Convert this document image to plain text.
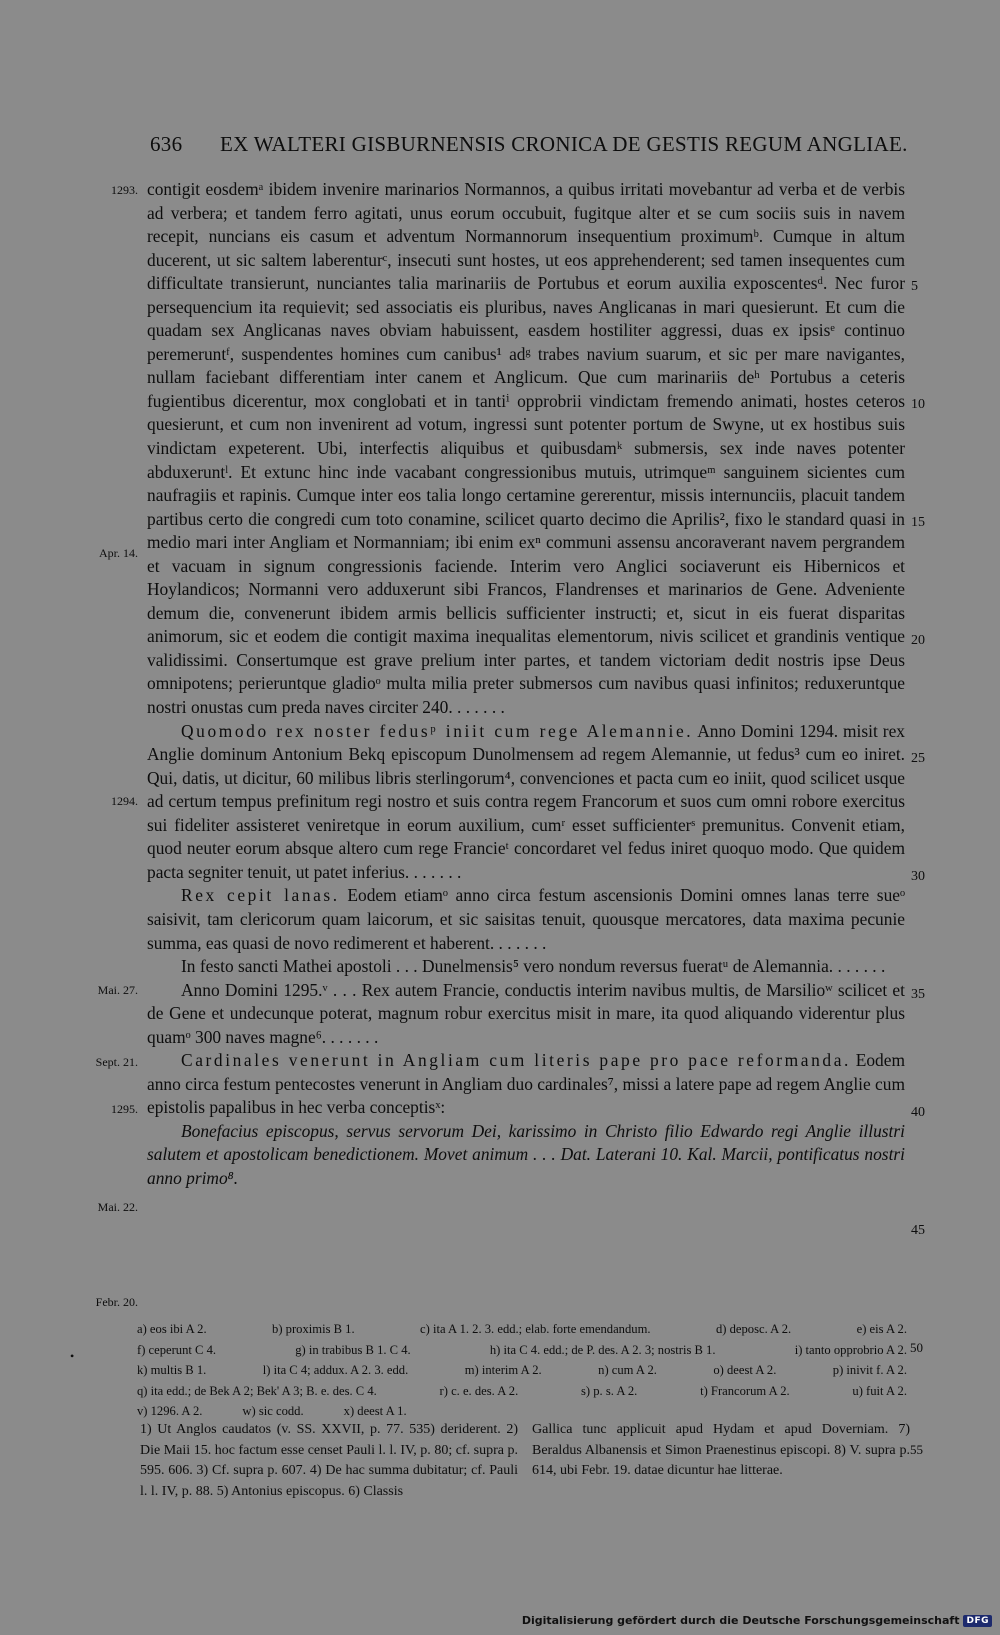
636 EX WALTERI GISBURNENSIS CRONICA DE GESTIS REGUM ANGLIAE.
1293.
Apr. 14.
1294.
Mai. 27.
Sept. 21.
1295.
Mai. 22.
Febr. 20.
5
10
15
20
25
30
35
40
45

contigit eosdemᵃ ibidem invenire marinarios Normannos, a quibus irritati movebantur ad verba et de verbis ad verbera; et tandem ferro agitati, unus eorum occubuit, fugitque alter et se cum sociis suis in navem recepit, nuncians eis casum et adventum Normannorum insequentium proximumᵇ. Cumque in altum ducerent, ut sic saltem laberenturᶜ, insecuti sunt hostes, ut eos apprehenderent; sed tamen insequentes cum difficultate transierunt, nunciantes talia marinariis de Portubus et eorum auxilia exposcentesᵈ. Nec furor persequencium ita requievit; sed associatis eis pluribus, naves Anglicanas in mari quesierunt. Et cum die quadam sex Anglicanas naves obviam habuissent, easdem hostiliter aggressi, duas ex ipsisᵉ continuo peremeruntᶠ, suspendentes homines cum canibus¹ adᵍ trabes navium suarum, et sic per mare navigantes, nullam faciebant differentiam inter canem et Anglicum. Que cum marinariis deʰ Portubus a ceteris fugientibus dicerentur, mox conglobati et in tantiⁱ opprobrii vindictam fremendo animati, hostes ceteros quesierunt, et cum non invenirent ad votum, ingressi sunt potenter portum de Swyne, ut ex hostibus suis vindictam expeterent. Ubi, interfectis aliquibus et quibusdamᵏ submersis, sex inde naves potenter abduxeruntˡ. Et extunc hinc inde vacabant congressionibus mutuis, utrimqueᵐ sanguinem sicientes cum naufragiis et rapinis. Cumque inter eos talia longo certamine gererentur, missis internunciis, placuit tandem partibus certo die congredi cum toto conamine, scilicet quarto decimo die Aprilis², fixo le standard quasi in medio mari inter Angliam et Normanniam; ibi enim exⁿ communi assensu ancoraverant navem pergrandem et vacuam in signum congressionis faciende. Interim vero Anglici sociaverunt eis Hibernicos et Hoylandicos; Normanni vero adduxerunt sibi Francos, Flandrenses et marinarios de Gene. Adveniente demum die, convenerunt ibidem armis bellicis sufficienter instructi; et, sicut in eis fuerat disparitas animorum, sic et eodem die contigit maxima inequalitas elementorum, nivis scilicet et grandinis ventique validissimi. Consertumque est grave prelium inter partes, et tandem victoriam dedit nostris ipse Deus omnipotens; perieruntque gladioᵒ multa milia preter submersos cum navibus quasi infinitos; reduxeruntque nostri onustas cum preda naves circiter 240. . . . . . .

Quomodo rex noster fedusᵖ iniit cum rege Alemannie. Anno Domini 1294. misit rex Anglie dominum Antonium Bekq episcopum Dunolmensem ad regem Alemannie, ut fedus³ cum eo iniret. Qui, datis, ut dicitur, 60 milibus libris sterlingorum⁴, convenciones et pacta cum eo iniit, quod scilicet usque ad certum tempus prefinitum regi nostro et suis contra regem Francorum et suos cum omni robore exercitus sui fideliter assisteret veniretque in eorum auxilium, cumʳ esset sufficienterˢ premunitus. Convenit etiam, quod neuter eorum absque altero cum rege Francieᵗ concordaret vel fedus iniret quoquo modo. Que quidem pacta segniter tenuit, ut patet inferius. . . . . . .

Rex cepit lanas. Eodem etiamᵒ anno circa festum ascensionis Domini omnes lanas terre sueᵒ saisivit, tam clericorum quam laicorum, et sic saisitas tenuit, quousque mercatores, data maxima pecunie summa, eas quasi de novo redimerent et haberent. . . . . . .

In festo sancti Mathei apostoli . . . Dunelmensis⁵ vero nondum reversus fueratᵘ de Alemannia. . . . . . .

Anno Domini 1295.ᵛ . . . Rex autem Francie, conductis interim navibus multis, de Marsilioʷ scilicet et de Gene et undecunque poterat, magnum robur exercitus misit in mare, ita quod aliquando viderentur plus quamᵒ 300 naves magne⁶. . . . . . .

Cardinales venerunt in Angliam cum literis pape pro pace reformanda. Eodem anno circa festum pentecostes venerunt in Angliam duo cardinales⁷, missi a latere pape ad regem Anglie cum epistolis papalibus in hec verba conceptisˣ:

Bonefacius episcopus, servus servorum Dei, karissimo in Christo filio Edwardo regi Anglie illustri salutem et apostolicam benedictionem. Movet animum . . . Dat. Laterani 10. Kal. Marcii, pontificatus nostri anno primo⁸.

•
a) eos ibi A 2.	b) proximis B 1.	c) ita A 1. 2. 3. edd.; elab. forte emendandum.	d) deposc. A 2.	e) eis A 2.
f) ceperunt C 4.	g) in trabibus B 1. C 4.	h) ita C 4. edd.; de P. des. A 2. 3; nostris B 1.	i) tanto opprobrio A 2.
k) multis B 1.	l) ita C 4; addux. A 2. 3. edd.	m) interim A 2.	n) cum A 2.	o) deest A 2.	p) inivit f. A 2.
q) ita edd.; de Bek A 2; Bek' A 3; B. e. des. C 4.	r) c. e. des. A 2.	s) p. s. A 2.	t) Francorum A 2.	u) fuit A 2.
v) 1296. A 2.	w) sic codd.	x) deest A 1.
50
1) Ut Anglos caudatos (v. SS. XXVII, p. 77. 535) deriderent. 2) Die Maii 15. hoc factum esse censet Pauli l. l. IV, p. 80; cf. supra p. 595. 606. 3) Cf. supra p. 607. 4) De hac summa dubitatur; cf. Pauli l. l. IV, p. 88. 5) Antonius episcopus. 6) Classis
Gallica tunc applicuit apud Hydam et apud Doverniam. 7) Beraldus Albanensis et Simon Praenestinus episcopi. 8) V. supra p. 614, ubi Febr. 19. datae dicuntur hae litterae.
55
Digitalisierung gefördert durch die Deutsche Forschungsgemeinschaft DFG
